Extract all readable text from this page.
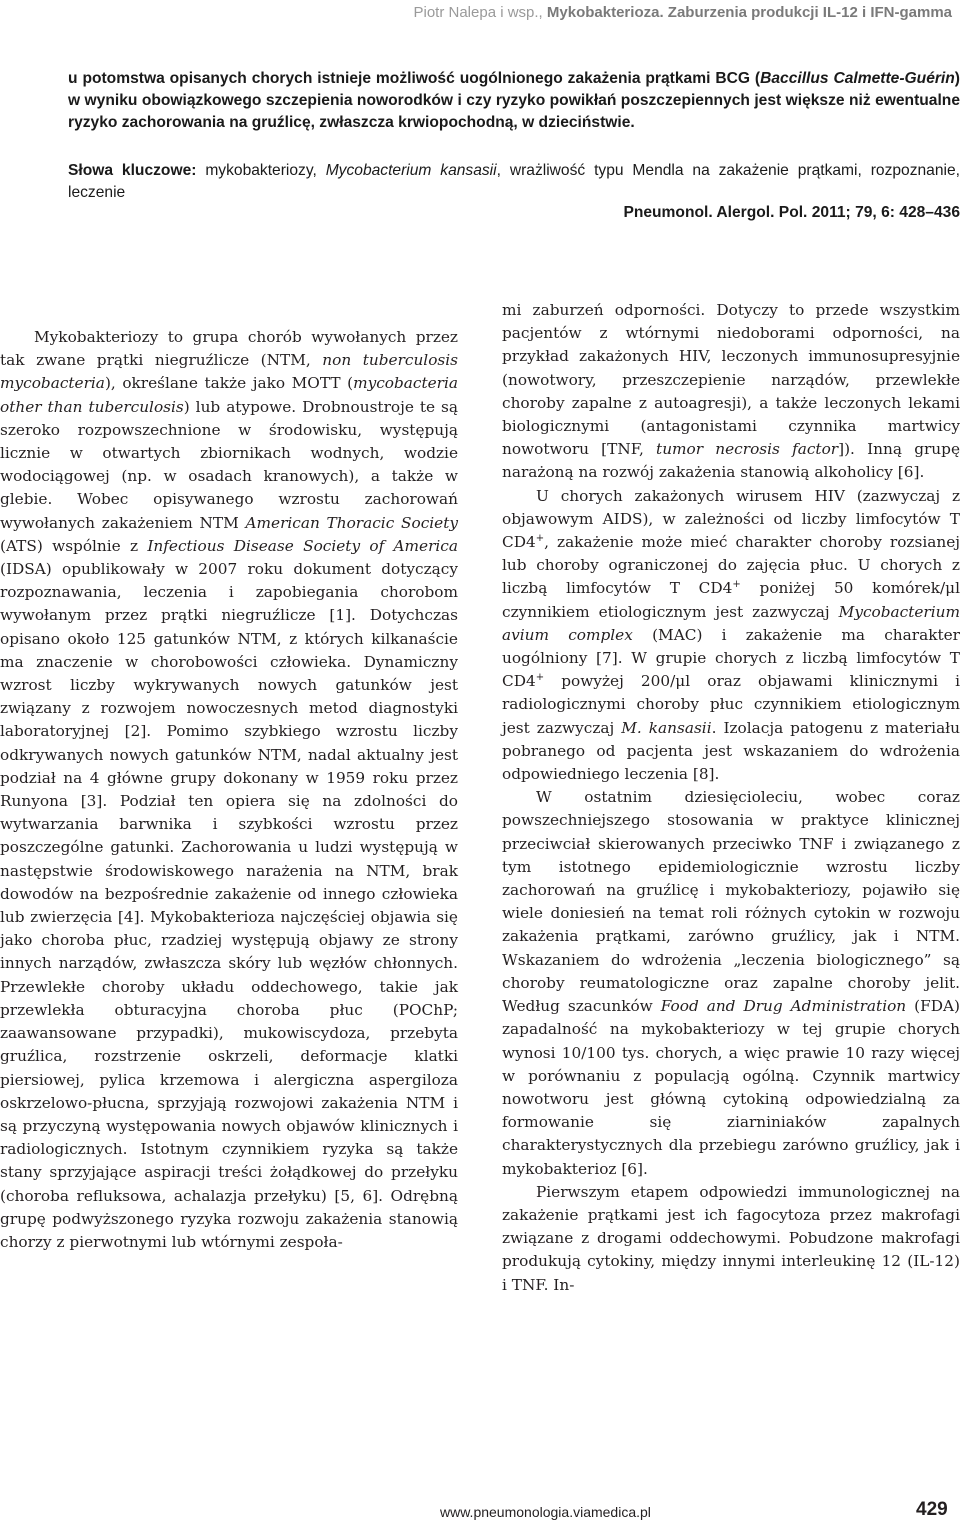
Piotr Nalepa i wsp., Mykobakterioza. Zaburzenia produkcji IL-12 i IFN-gamma
u potomstwa opisanych chorych istnieje możliwość uogólnionego zakażenia prątkami BCG (Baccillus Calmette-Guérin) w wyniku obowiązkowego szczepienia noworodków i czy ryzyko powikłań poszczepiennych jest większe niż ewentualne ryzyko zachorowania na gruźlicę, zwłaszcza krwiopochodną, w dzieciństwie.
Słowa kluczowe: mykobakteriozy, Mycobacterium kansasii, wrażliwość typu Mendla na zakażenie prątkami, rozpoznanie, leczenie
Pneumonol. Alergol. Pol. 2011; 79, 6: 428–436

Mykobakteriozy to grupa chorób wywołanych przez tak zwane prątki niegruźlicze (NTM, non tuberculosis mycobacteria), określane także jako MOTT (mycobacteria other than tuberculosis) lub atypowe. Drobnoustroje te są szeroko rozpowszechnione w środowisku, występują licznie w otwartych zbiornikach wodnych, wodzie wodociągowej (np. w osadach kranowych), a także w glebie. Wobec opisywanego wzrostu zachorowań wywołanych zakażeniem NTM American Thoracic Society (ATS) wspólnie z Infectious Disease Society of America (IDSA) opublikowały w 2007 roku dokument dotyczący rozpoznawania, leczenia i zapobiegania chorobom wywołanym przez prątki niegruźlicze [1]. Dotychczas opisano około 125 gatunków NTM, z których kilkanaście ma znaczenie w chorobowości człowieka. Dynamiczny wzrost liczby wykrywanych nowych gatunków jest związany z rozwojem nowoczesnych metod diagnostyki laboratoryjnej [2]. Pomimo szybkiego wzrostu liczby odkrywanych nowych gatunków NTM, nadal aktualny jest podział na 4 główne grupy dokonany w 1959 roku przez Runyona [3]. Podział ten opiera się na zdolności do wytwarzania barwnika i szybkości wzrostu przez poszczególne gatunki. Zachorowania u ludzi występują w następstwie środowiskowego narażenia na NTM, brak dowodów na bezpośrednie zakażenie od innego człowieka lub zwierzęcia [4]. Mykobakterioza najczęściej objawia się jako choroba płuc, rzadziej występują objawy ze strony innych narządów, zwłaszcza skóry lub węzłów chłonnych. Przewlekłe choroby układu oddechowego, takie jak przewlekła obturacyjna choroba płuc (POChP; zaawansowane przypadki), mukowiscydoza, przebyta gruźlica, rozstrzenie oskrzeli, deformacje klatki piersiowej, pylica krzemowa i alergiczna aspergiloza oskrzelowo-płucna, sprzyjają rozwojowi zakażenia NTM i są przyczyną występowania nowych objawów klinicznych i radiologicznych. Istotnym czynnikiem ryzyka są także stany sprzyjające aspiracji treści żołądkowej do przełyku (choroba refluksowa, achalazja przełyku) [5, 6]. Odrębną grupę podwyższonego ryzyka rozwoju zakażenia stanowią chorzy z pierwotnymi lub wtórnymi zespoła-

mi zaburzeń odporności. Dotyczy to przede wszystkim pacjentów z wtórnymi niedoborami odporności, na przykład zakażonych HIV, leczonych immunosupresyjnie (nowotwory, przeszczepienie narządów, przewlekłe choroby zapalne z autoagresji), a także leczonych lekami biologicznymi (antagonistami czynnika martwicy nowotworu [TNF, tumor necrosis factor]). Inną grupę narażoną na rozwój zakażenia stanowią alkoholicy [6].

U chorych zakażonych wirusem HIV (zazwyczaj z objawowym AIDS), w zależności od liczby limfocytów T CD4+, zakażenie może mieć charakter choroby rozsianej lub choroby ograniczonej do zajęcia płuc. U chorych z liczbą limfocytów T CD4+ poniżej 50 komórek/μl czynnikiem etiologicznym jest zazwyczaj Mycobacterium avium complex (MAC) i zakażenie ma charakter uogólniony [7]. W grupie chorych z liczbą limfocytów T CD4+ powyżej 200/μl oraz objawami klinicznymi i radiologicznymi choroby płuc czynnikiem etiologicznym jest zazwyczaj M. kansasii. Izolacja patogenu z materiału pobranego od pacjenta jest wskazaniem do wdrożenia odpowiedniego leczenia [8].

W ostatnim dziesięcioleciu, wobec coraz powszechniejszego stosowania w praktyce klinicznej przeciwciał skierowanych przeciwko TNF i związanego z tym istotnego epidemiologicznie wzrostu liczby zachorowań na gruźlicę i mykobakteriozy, pojawiło się wiele doniesień na temat roli różnych cytokin w rozwoju zakażenia prątkami, zarówno gruźlicy, jak i NTM. Wskazaniem do wdrożenia „leczenia biologicznego” są choroby reumatologiczne oraz zapalne choroby jelit. Według szacunków Food and Drug Administration (FDA) zapadalność na mykobakteriozy w tej grupie chorych wynosi 10/100 tys. chorych, a więc prawie 10 razy więcej w porównaniu z populacją ogólną. Czynnik martwicy nowotworu jest główną cytokiną odpowiedzialną za formowanie się ziarniniaków zapalnych charakterystycznych dla przebiegu zarówno gruźlicy, jak i mykobakterioz [6].

Pierwszym etapem odpowiedzi immunologicznej na zakażenie prątkami jest ich fagocytoza przez makrofagi związane z drogami oddechowymi. Pobudzone makrofagi produkują cytokiny, między innymi interleukinę 12 (IL-12) i TNF. In-

www.pneumonologia.viamedica.pl	429
